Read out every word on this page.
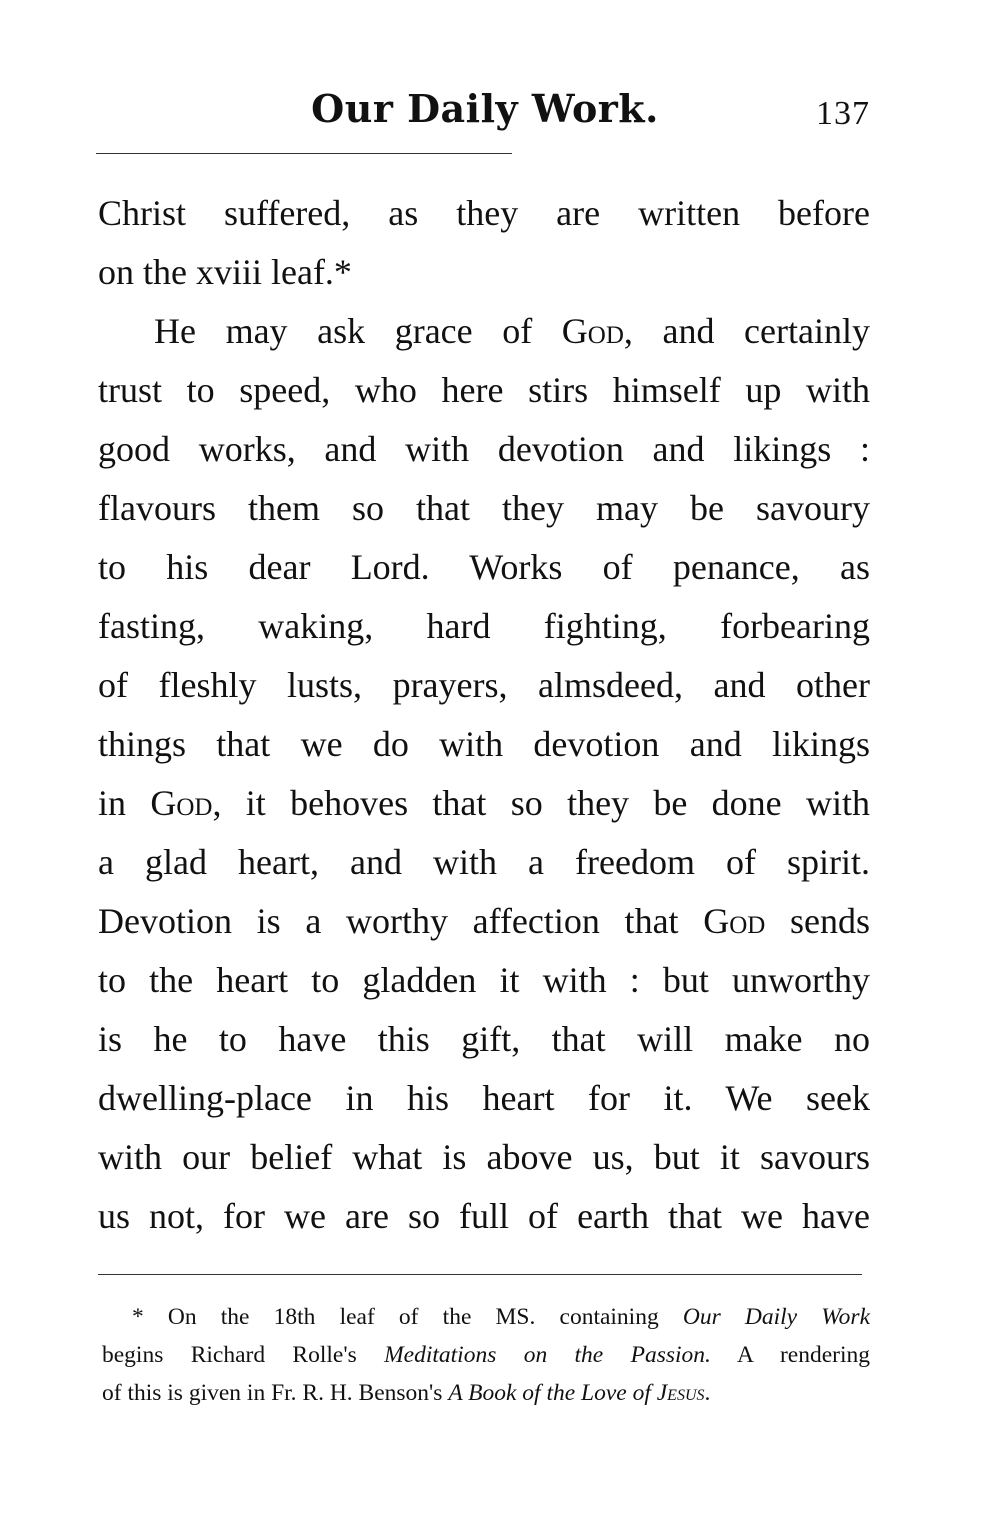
Our Daily Work.	137
Christ suffered, as they are written before
on the xviii leaf.*
He may ask grace of God, and certainly
trust to speed, who here stirs himself up with
good works, and with devotion and likings :
flavours them so that they may be savoury
to his dear Lord. Works of penance, as
fasting, waking, hard fighting, forbearing
of fleshly lusts, prayers, almsdeed, and other
things that we do with devotion and likings
in God, it behoves that so they be done with
a glad heart, and with a freedom of spirit.
Devotion is a worthy affection that God sends
to the heart to gladden it with : but unworthy
is he to have this gift, that will make no
dwelling-place in his heart for it. We seek
with our belief what is above us, but it savours
us not, for we are so full of earth that we have
* On the 18th leaf of the MS. containing Our Daily Work
begins Richard Rolle's Meditations on the Passion. A rendering
of this is given in Fr. R. H. Benson's A Book of the Love of Jesus.
